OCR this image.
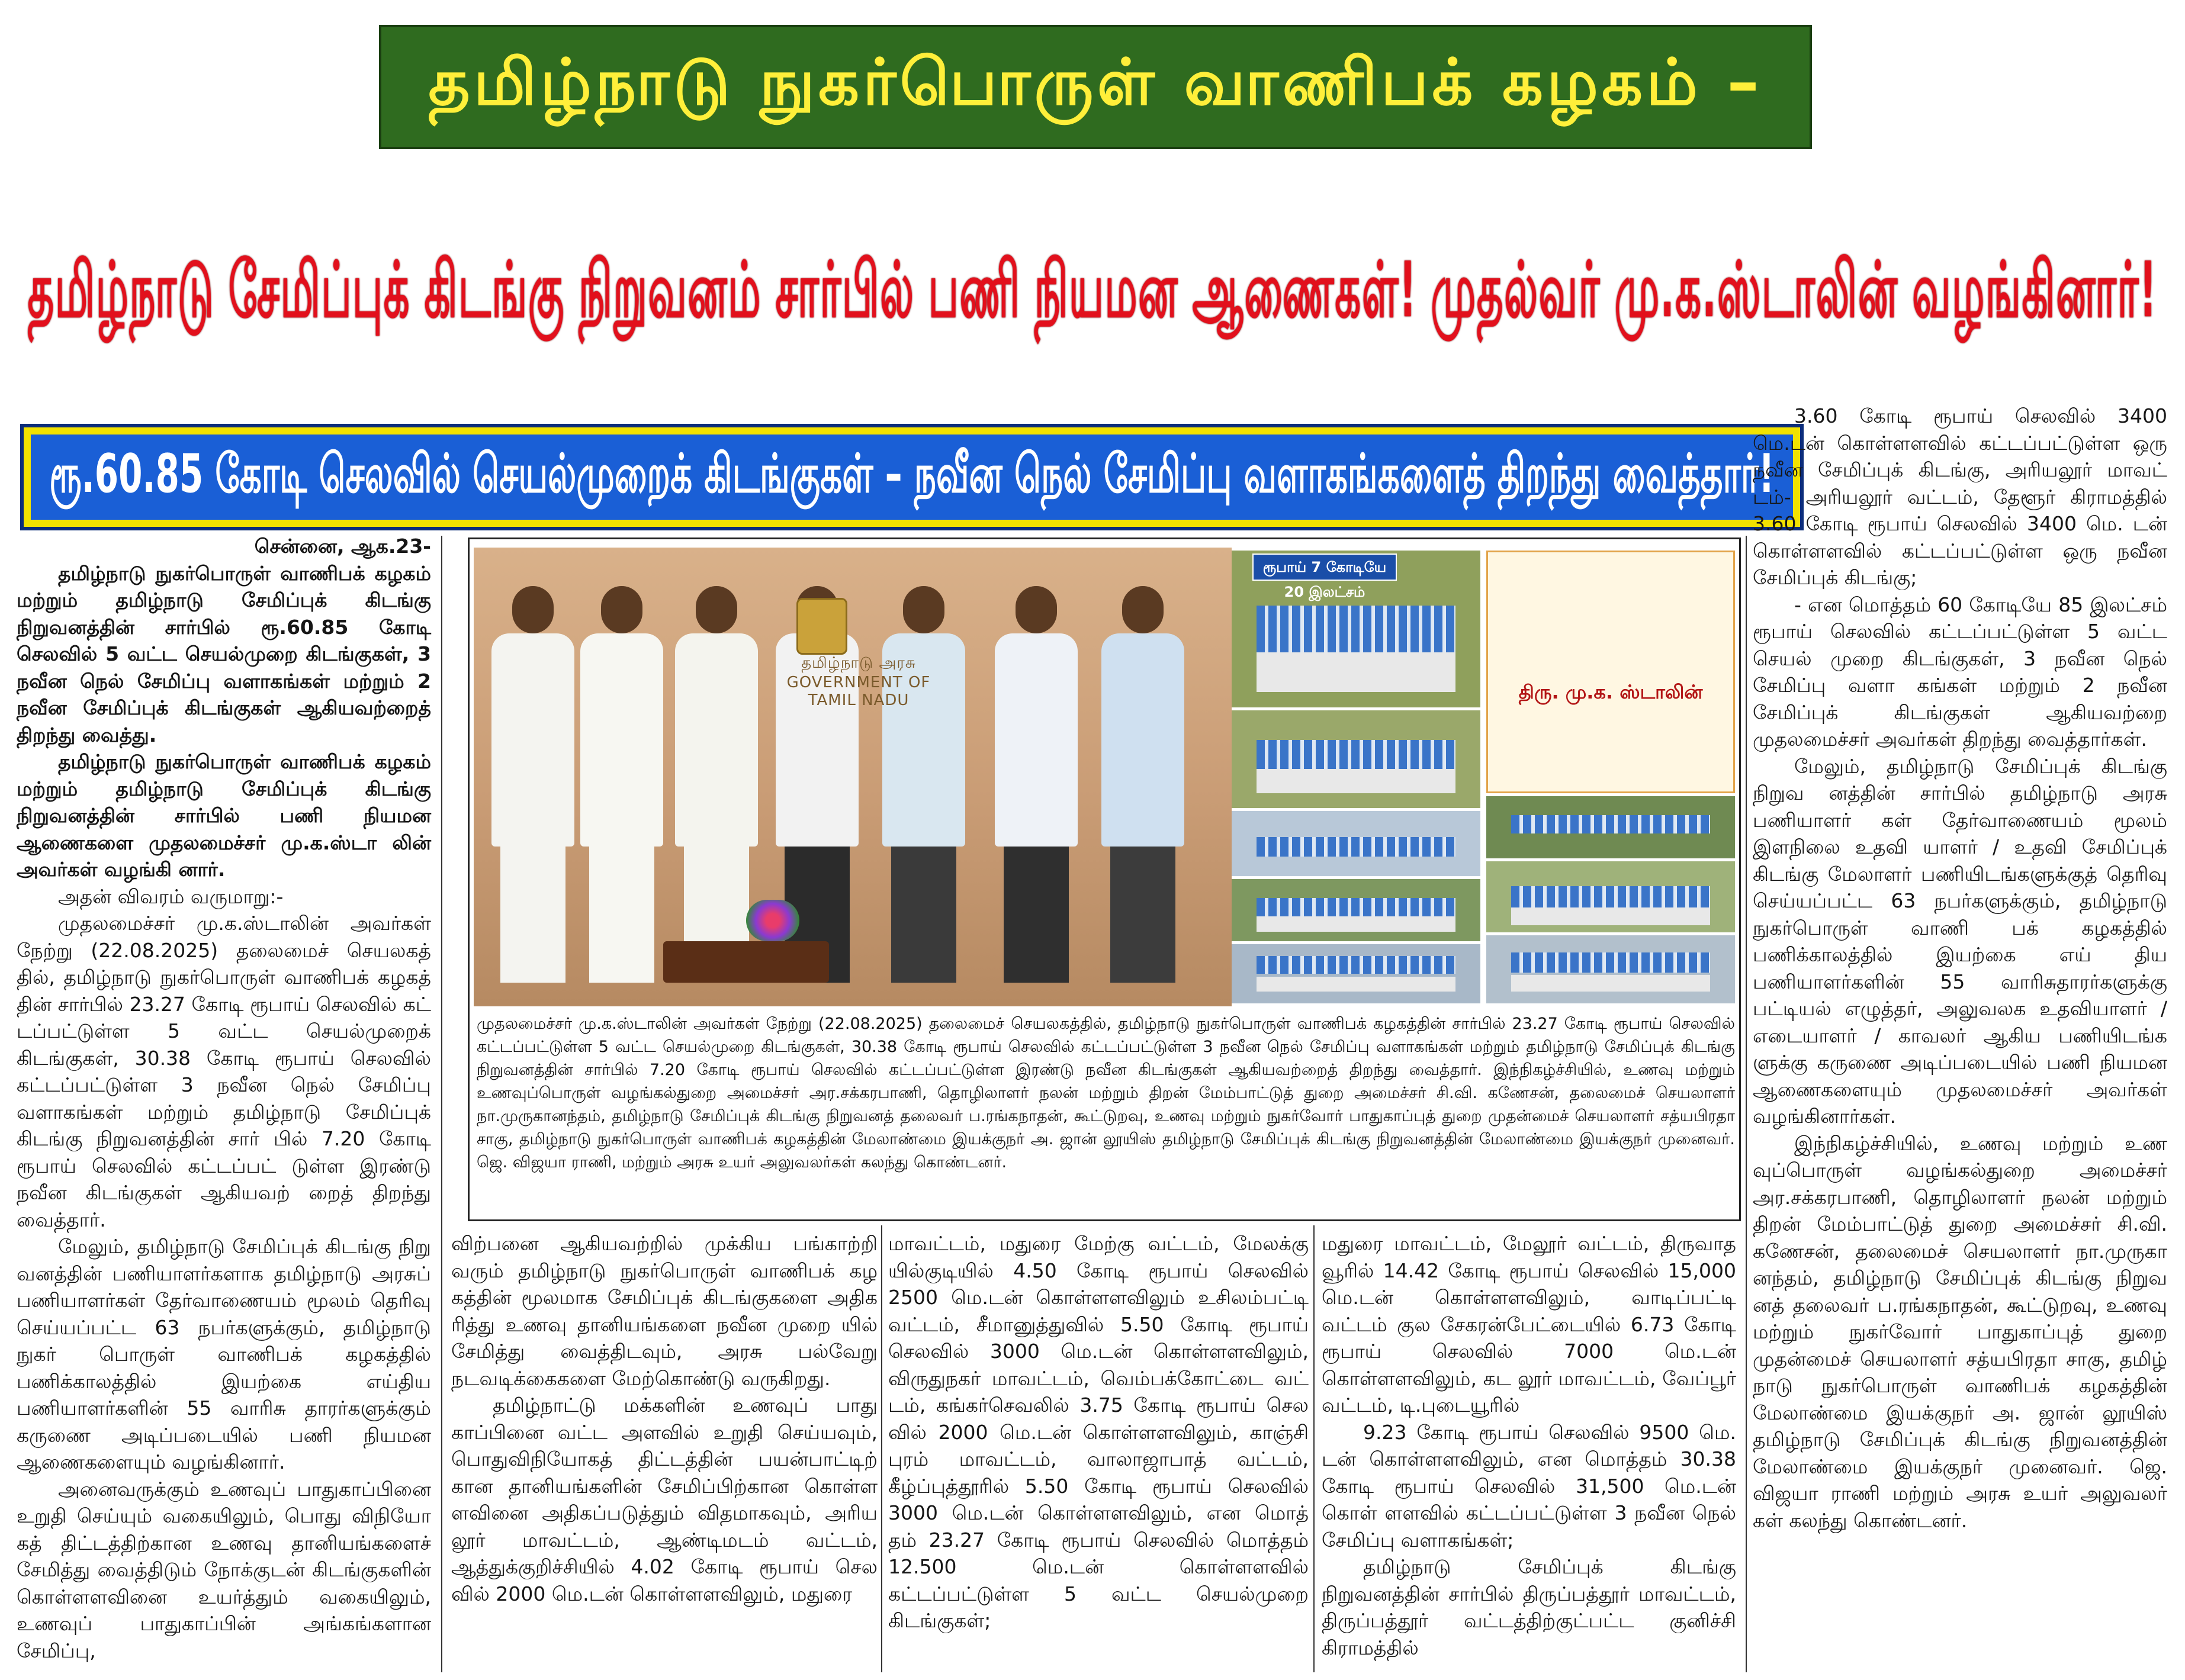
தமிழ்நாடு நுகர்பொருள் வாணிபக் கழகம் –
தமிழ்நாடு சேமிப்புக் கிடங்கு நிறுவனம் சார்பில் பணி நியமன ஆணைகள்! முதல்வர் மு.க.ஸ்டாலின் வழங்கினார்!
ரூ.60.85 கோடி செலவில் செயல்முறைக் கிடங்குகள் – நவீன நெல் சேமிப்பு வளாகங்களைத் திறந்து வைத்தார்!

சென்னை, ஆக.23-

தமிழ்நாடு நுகர்பொருள் வாணிபக் கழகம் மற்றும் தமிழ்நாடு சேமிப்புக் கிடங்கு நிறுவனத்தின் சார்பில் ரூ.60.85 கோடி செலவில் 5 வட்ட செயல்முறை கிடங்குகள், 3 நவீன நெல் சேமிப்பு வளாகங்கள் மற்றும் 2 நவீன சேமிப்புக் கிடங்குகள் ஆகியவற்றைத் திறந்து வைத்து.

தமிழ்நாடு நுகர்பொருள் வாணிபக் கழகம் மற்றும் தமிழ்நாடு சேமிப்புக் கிடங்கு நிறுவனத்தின் சார்பில் பணி நியமன ஆணைகளை முதலமைச்சர் மு.க.ஸ்டா லின் அவர்கள் வழங்கி னார்.

அதன் விவரம் வருமாறு:-

முதலமைச்சர் மு.க.ஸ்டாலின் அவர்கள் நேற்று (22.08.2025) தலைமைச் செயலகத் தில், தமிழ்நாடு நுகர்பொருள் வாணிபக் கழகத் தின் சார்பில் 23.27 கோடி ரூபாய் செலவில் கட் டப்பட்டுள்ள 5 வட்ட செயல்முறைக் கிடங்குகள், 30.38 கோடி ரூபாய் செலவில் கட்டப்பட்டுள்ள 3 நவீன நெல் சேமிப்பு வளாகங்கள் மற்றும் தமிழ்நாடு சேமிப்புக் கிடங்கு நிறுவனத்தின் சார் பில் 7.20 கோடி ரூபாய் செலவில் கட்டப்பட் டுள்ள இரண்டு நவீன கிடங்குகள் ஆகியவற் றைத் திறந்து வைத்தார்.

மேலும், தமிழ்நாடு சேமிப்புக் கிடங்கு நிறு வனத்தின் பணியாளர்களாக தமிழ்நாடு அரசுப் பணியாளர்கள் தேர்வாணையம் மூலம் தெரிவு செய்யப்பட்ட 63 நபர்களுக்கும், தமிழ்நாடு நுகர் பொருள் வாணிபக் கழகத்தில் பணிக்காலத்தில் இயற்கை எய்திய பணியாளர்களின் 55 வாரிசு தாரர்களுக்கும் கருணை அடிப்படையில் பணி நியமன ஆணைகளையும் வழங்கினார்.

அனைவருக்கும் உணவுப் பாதுகாப்பினை உறுதி செய்யும் வகையிலும், பொது விநியோ கத் திட்டத்திற்கான உணவு தானியங்களைச் சேமித்து வைத்திடும் நோக்குடன் கிடங்குகளின் கொள்ளளவினை உயர்த்தும் வகையிலும், உணவுப் பாதுகாப்பின் அங்கங்களான சேமிப்பு,

தமிழ்நாடு அரசு
GOVERNMENT OF TAMIL NADU
ரூபாய் 7 கோடியே 20 இலட்சம்
திரு. மு.க. ஸ்டாலின்
முதலமைச்சர் மு.க.ஸ்டாலின் அவர்கள் நேற்று (22.08.2025) தலைமைச் செயலகத்தில், தமிழ்நாடு நுகர்பொருள் வாணிபக் கழகத்தின் சார்பில் 23.27 கோடி ரூபாய் செலவில் கட்டப்பட்டுள்ள 5 வட்ட செயல்முறை கிடங்குகள், 30.38 கோடி ரூபாய் செலவில் கட்டப்பட்டுள்ள 3 நவீன நெல் சேமிப்பு வளாகங்கள் மற்றும் தமிழ்நாடு சேமிப்புக் கிடங்கு நிறுவனத்தின் சார்பில் 7.20 கோடி ரூபாய் செலவில் கட்டப்பட்டுள்ள இரண்டு நவீன கிடங்குகள் ஆகியவற்றைத் திறந்து வைத்தார். இந்நிகழ்ச்சியில், உணவு மற்றும் உணவுப்பொருள் வழங்கல்துறை அமைச்சர் அர.சக்கரபாணி, தொழிலாளர் நலன் மற்றும் திறன் மேம்பாட்டுத் துறை அமைச்சர் சி.வி. கணேசன், தலைமைச் செயலாளர் நா.முருகானந்தம், தமிழ்நாடு சேமிப்புக் கிடங்கு நிறுவனத் தலைவர் ப.ரங்கநாதன், கூட்டுறவு, உணவு மற்றும் நுகர்வோர் பாதுகாப்புத் துறை முதன்மைச் செயலாளர் சத்யபிரதா சாகு, தமிழ்நாடு நுகர்பொருள் வாணிபக் கழகத்தின் மேலாண்மை இயக்குநர் அ. ஜான் லூயிஸ் தமிழ்நாடு சேமிப்புக் கிடங்கு நிறுவனத்தின் மேலாண்மை இயக்குநர் முனைவர். ஜெ. விஜயா ராணி, மற்றும் அரசு உயர் அலுவலர்கள் கலந்து கொண்டனர்.

விற்பனை ஆகியவற்றில் முக்கிய பங்காற்றி வரும் தமிழ்நாடு நுகர்பொருள் வாணிபக் கழ கத்தின் மூலமாக சேமிப்புக் கிடங்குகளை அதிக ரித்து உணவு தானியங்களை நவீன முறை யில் சேமித்து வைத்திடவும், அரசு பல்வேறு நடவடிக்கைகளை மேற்கொண்டு வருகிறது.

தமிழ்நாட்டு மக்களின் உணவுப் பாது காப்பினை வட்ட அளவில் உறுதி செய்யவும், பொதுவிநியோகத் திட்டத்தின் பயன்பாட்டிற் கான தானியங்களின் சேமிப்பிற்கான கொள்ள ளவினை அதிகப்படுத்தும் விதமாகவும், அரிய லூர் மாவட்டம், ஆண்டிமடம் வட்டம், ஆத்துக்குறிச்சியில் 4.02 கோடி ரூபாய் செல வில் 2000 மெ.டன் கொள்ளளவிலும், மதுரை

மாவட்டம், மதுரை மேற்கு வட்டம், மேலக்கு யில்குடியில் 4.50 கோடி ரூபாய் செலவில் 2500 மெ.டன் கொள்ளளவிலும் உசிலம்பட்டி வட்டம், சீமானுத்துவில் 5.50 கோடி ரூபாய் செலவில் 3000 மெ.டன் கொள்ளளவிலும், விருதுநகர் மாவட்டம், வெம்பக்கோட்டை வட் டம், கங்கர்செவலில் 3.75 கோடி ரூபாய் செல வில் 2000 மெ.டன் கொள்ளளவிலும், காஞ்சி புரம் மாவட்டம், வாலாஜாபாத் வட்டம், கீழ்ப்புத்தூரில் 5.50 கோடி ரூபாய் செலவில் 3000 மெ.டன் கொள்ளளவிலும், என மொத் தம் 23.27 கோடி ரூபாய் செலவில் மொத்தம் 12.500 மெ.டன் கொள்ளளவில் கட்டப்பட்டுள்ள 5 வட்ட செயல்முறை கிடங்குகள்;

மதுரை மாவட்டம், மேலூர் வட்டம், திருவாத வூரில் 14.42 கோடி ரூபாய் செலவில் 15,000 மெ.டன் கொள்ளளவிலும், வாடிப்பட்டி வட்டம் குல சேகரன்பேட்டையில் 6.73 கோடி ரூபாய் செலவில் 7000 மெ.டன் கொள்ளளவிலும், கட லூர் மாவட்டம், வேப்பூர் வட்டம், டி.புடையூரில்

9.23 கோடி ரூபாய் செலவில் 9500 மெ. டன் கொள்ளளவிலும், என மொத்தம் 30.38 கோடி ரூபாய் செலவில் 31,500 மெ.டன் கொள் ளளவில் கட்டப்பட்டுள்ள 3 நவீன நெல் சேமிப்பு வளாகங்கள்;

தமிழ்நாடு சேமிப்புக் கிடங்கு நிறுவனத்தின் சார்பில் திருப்பத்தூர் மாவட்டம், திருப்பத்தூர் வட்டத்திற்குட்பட்ட குனிச்சி கிராமத்தில்

3.60 கோடி ரூபாய் செலவில் 3400 மெ.டன் கொள்ளளவில் கட்டப்பட்டுள்ள ஒரு நவீன சேமிப்புக் கிடங்கு, அரியலூர் மாவட் டம்- அரியலூர் வட்டம், தேளூர் கிராமத்தில் 3.60 கோடி ரூபாய் செலவில் 3400 மெ. டன் கொள்ளளவில் கட்டப்பட்டுள்ள ஒரு நவீன சேமிப்புக் கிடங்கு;

- என மொத்தம் 60 கோடியே 85 இலட்சம் ரூபாய் செலவில் கட்டப்பட்டுள்ள 5 வட்ட செயல் முறை கிடங்குகள், 3 நவீன நெல் சேமிப்பு வளா கங்கள் மற்றும் 2 நவீன சேமிப்புக் கிடங்குகள் ஆகியவற்றை முதலமைச்சர் அவர்கள் திறந்து வைத்தார்கள்.

மேலும், தமிழ்நாடு சேமிப்புக் கிடங்கு நிறுவ னத்தின் சார்பில் தமிழ்நாடு அரசு பணியாளர் கள் தேர்வாணையம் மூலம் இளநிலை உதவி யாளர் / உதவி சேமிப்புக் கிடங்கு மேலாளர் பணியிடங்களுக்குத் தெரிவு செய்யப்பட்ட 63 நபர்களுக்கும், தமிழ்நாடு நுகர்பொருள் வாணி பக் கழகத்தில் பணிக்காலத்தில் இயற்கை எய் திய பணியாளர்களின் 55 வாரிசுதாரர்களுக்கு பட்டியல் எழுத்தர், அலுவலக உதவியாளர் / எடையாளர் / காவலர் ஆகிய பணியிடங்க ளுக்கு கருணை அடிப்படையில் பணி நியமன ஆணைகளையும் முதலமைச்சர் அவர்கள் வழங்கினார்கள்.

இந்நிகழ்ச்சியில், உணவு மற்றும் உண வுப்பொருள் வழங்கல்துறை அமைச்சர் அர.சக்கரபாணி, தொழிலாளர் நலன் மற்றும் திறன் மேம்பாட்டுத் துறை அமைச்சர் சி.வி. கணேசன், தலைமைச் செயலாளர் நா.முருகா னந்தம், தமிழ்நாடு சேமிப்புக் கிடங்கு நிறுவ னத் தலைவர் ப.ரங்கநாதன், கூட்டுறவு, உணவு மற்றும் நுகர்வோர் பாதுகாப்புத் துறை முதன்மைச் செயலாளர் சத்யபிரதா சாகு, தமிழ் நாடு நுகர்பொருள் வாணிபக் கழகத்தின் மேலாண்மை இயக்குநர் அ. ஜான் லூயிஸ் தமிழ்நாடு சேமிப்புக் கிடங்கு நிறுவனத்தின் மேலாண்மை இயக்குநர் முனைவர். ஜெ. விஜயா ராணி மற்றும் அரசு உயர் அலுவலர் கள் கலந்து கொண்டனர்.
